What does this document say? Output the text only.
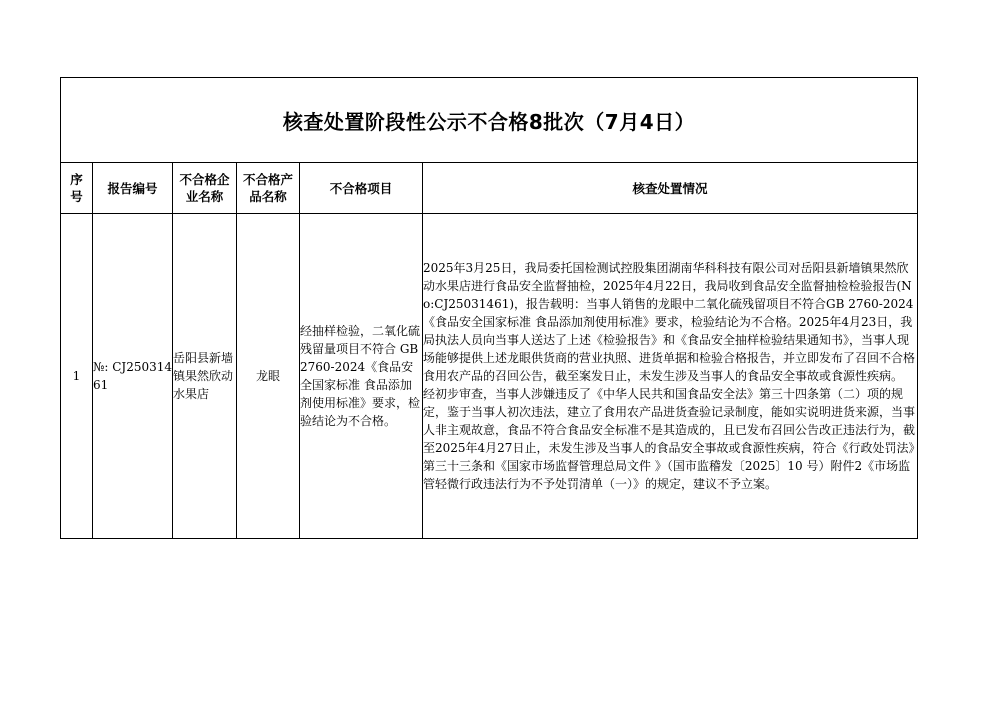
核查处置阶段性公示不合格8批次（7月4日）					
序号	报告编号	不合格企业名称	不合格产品名称	不合格项目	核查处置情况
1	№: CJ25031461	岳阳县新墙镇果然欣动水果店	龙眼	经抽样检验，二氧化硫残留量项目不符合 GB 2760-2024《食品安全国家标准 食品添加剂使用标准》要求，检验结论为不合格。	2025年3月25日，我局委托国检测试控股集团湖南华科科技有限公司对岳阳县新墙镇果然欣动水果店进行食品安全监督抽检，2025年4月22日，我局收到食品安全监督抽检检验报告(No:CJ25031461)，报告载明：当事人销售的龙眼中二氧化硫残留项目不符合GB 2760-2024《食品安全国家标准 食品添加剂使用标准》要求，检验结论为不合格。2025年4月23日，我局执法人员向当事人送达了上述《检验报告》和《食品安全抽样检验结果通知书》，当事人现场能够提供上述龙眼供货商的营业执照、进货单据和检验合格报告，并立即发布了召回不合格食用农产品的召回公告，截至案发日止，未发生涉及当事人的食品安全事故或食源性疾病。

经初步审查，当事人涉嫌违反了《中华人民共和国食品安全法》第三十四条第（二）项的规定，鉴于当事人初次违法，建立了食用农产品进货查验记录制度，能如实说明进货来源，当事人非主观故意，食品不符合食品安全标准不是其造成的，且已发布召回公告改正违法行为，截至2025年4月27日止，未发生涉及当事人的食品安全事故或食源性疾病，符合《行政处罚法》第三十三条和《国家市场监督管理总局文件 》（国市监稽发〔2025〕10 号）附件2《市场监管轻微行政违法行为不予处罚清单（一）》的规定，建议不予立案。
